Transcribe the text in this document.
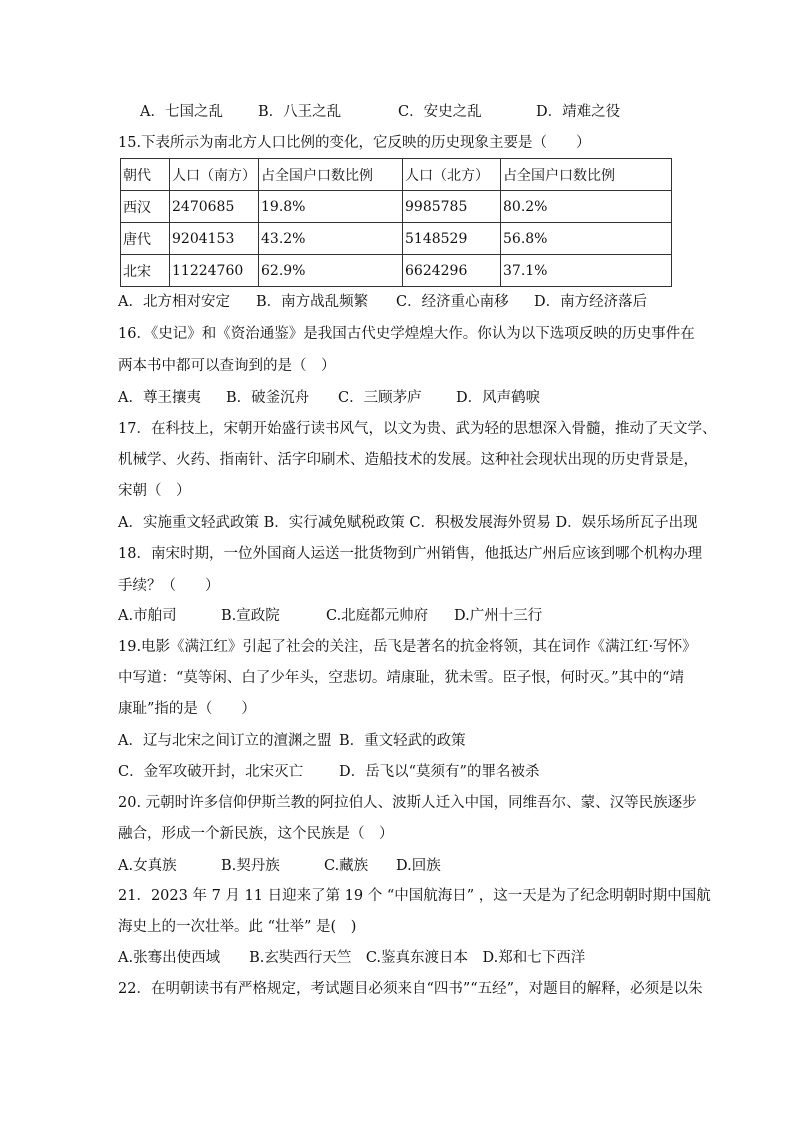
A．七国之乱 B．八王之乱	C．安史之乱	D．靖难之役
15.下表所示为南北方人口比例的变化，它反映的历史现象主要是（　　）
朝代	人口（南方）	占全国户口数比例	人口（北方）	占全国户口数比例
西汉	2470685	19.8%	9985785	80.2%
唐代	9204153	43.2%	5148529	56.8%
北宋	11224760	62.9%	6624296	37.1%
A．北方相对安定 B．南方战乱频繁 C．经济重心南移 D．南方经济落后
16．《史记》和《资治通鉴》是我国古代史学煌煌大作。你认为以下选项反映的历史事件在
两本书中都可以查询到的是（　）
A．尊王攘夷 B．破釜沉舟 C．三顾茅庐 D．风声鹤唳
17．在科技上，宋朝开始盛行读书风气，以文为贵、武为轻的思想深入骨髓，推动了天文学、
机械学、火药、指南针、活字印刷术、造船技术的发展。这种社会现状出现的历史背景是，
宋朝（　）
A．实施重文轻武政策 B．实行减免赋税政策 C．积极发展海外贸易 D．娱乐场所瓦子出现
18．南宋时期，一位外国商人运送一批货物到广州销售，他抵达广州后应该到哪个机构办理
手续？（　　）
A.市舶司	B.宣政院	C.北庭都元帅府 D.广州十三行
19.电影《满江红》引起了社会的关注，岳飞是著名的抗金将领，其在词作《满江红·写怀》
中写道：“莫等闲、白了少年头，空悲切。靖康耻，犹未雪。臣子恨，何时灭。”其中的“靖
康耻”指的是（　　）
A．辽与北宋之间订立的澶渊之盟 B．重文轻武的政策
C．金军攻破开封，北宋灭亡 D．岳飞以“莫须有”的罪名被杀
20. 元朝时许多信仰伊斯兰教的阿拉伯人、波斯人迁入中国，同维吾尔、蒙、汉等民族逐步
融合，形成一个新民族，这个民族是（　）
A.女真族	B.契丹族	C.藏族 D.回族
21．2023 年 7 月 11 日迎来了第 19 个 “中国航海日” ，这一天是为了纪念明朝时期中国航
海史上的一次壮举。此 “壮举” 是(　)
A.张骞出使西域　　B.玄奘西行天竺　C.鉴真东渡日本　D.郑和七下西洋
22．在明朝读书有严格规定，考试题目必须来自“四书”“五经”，对题目的解释，必须是以朱
